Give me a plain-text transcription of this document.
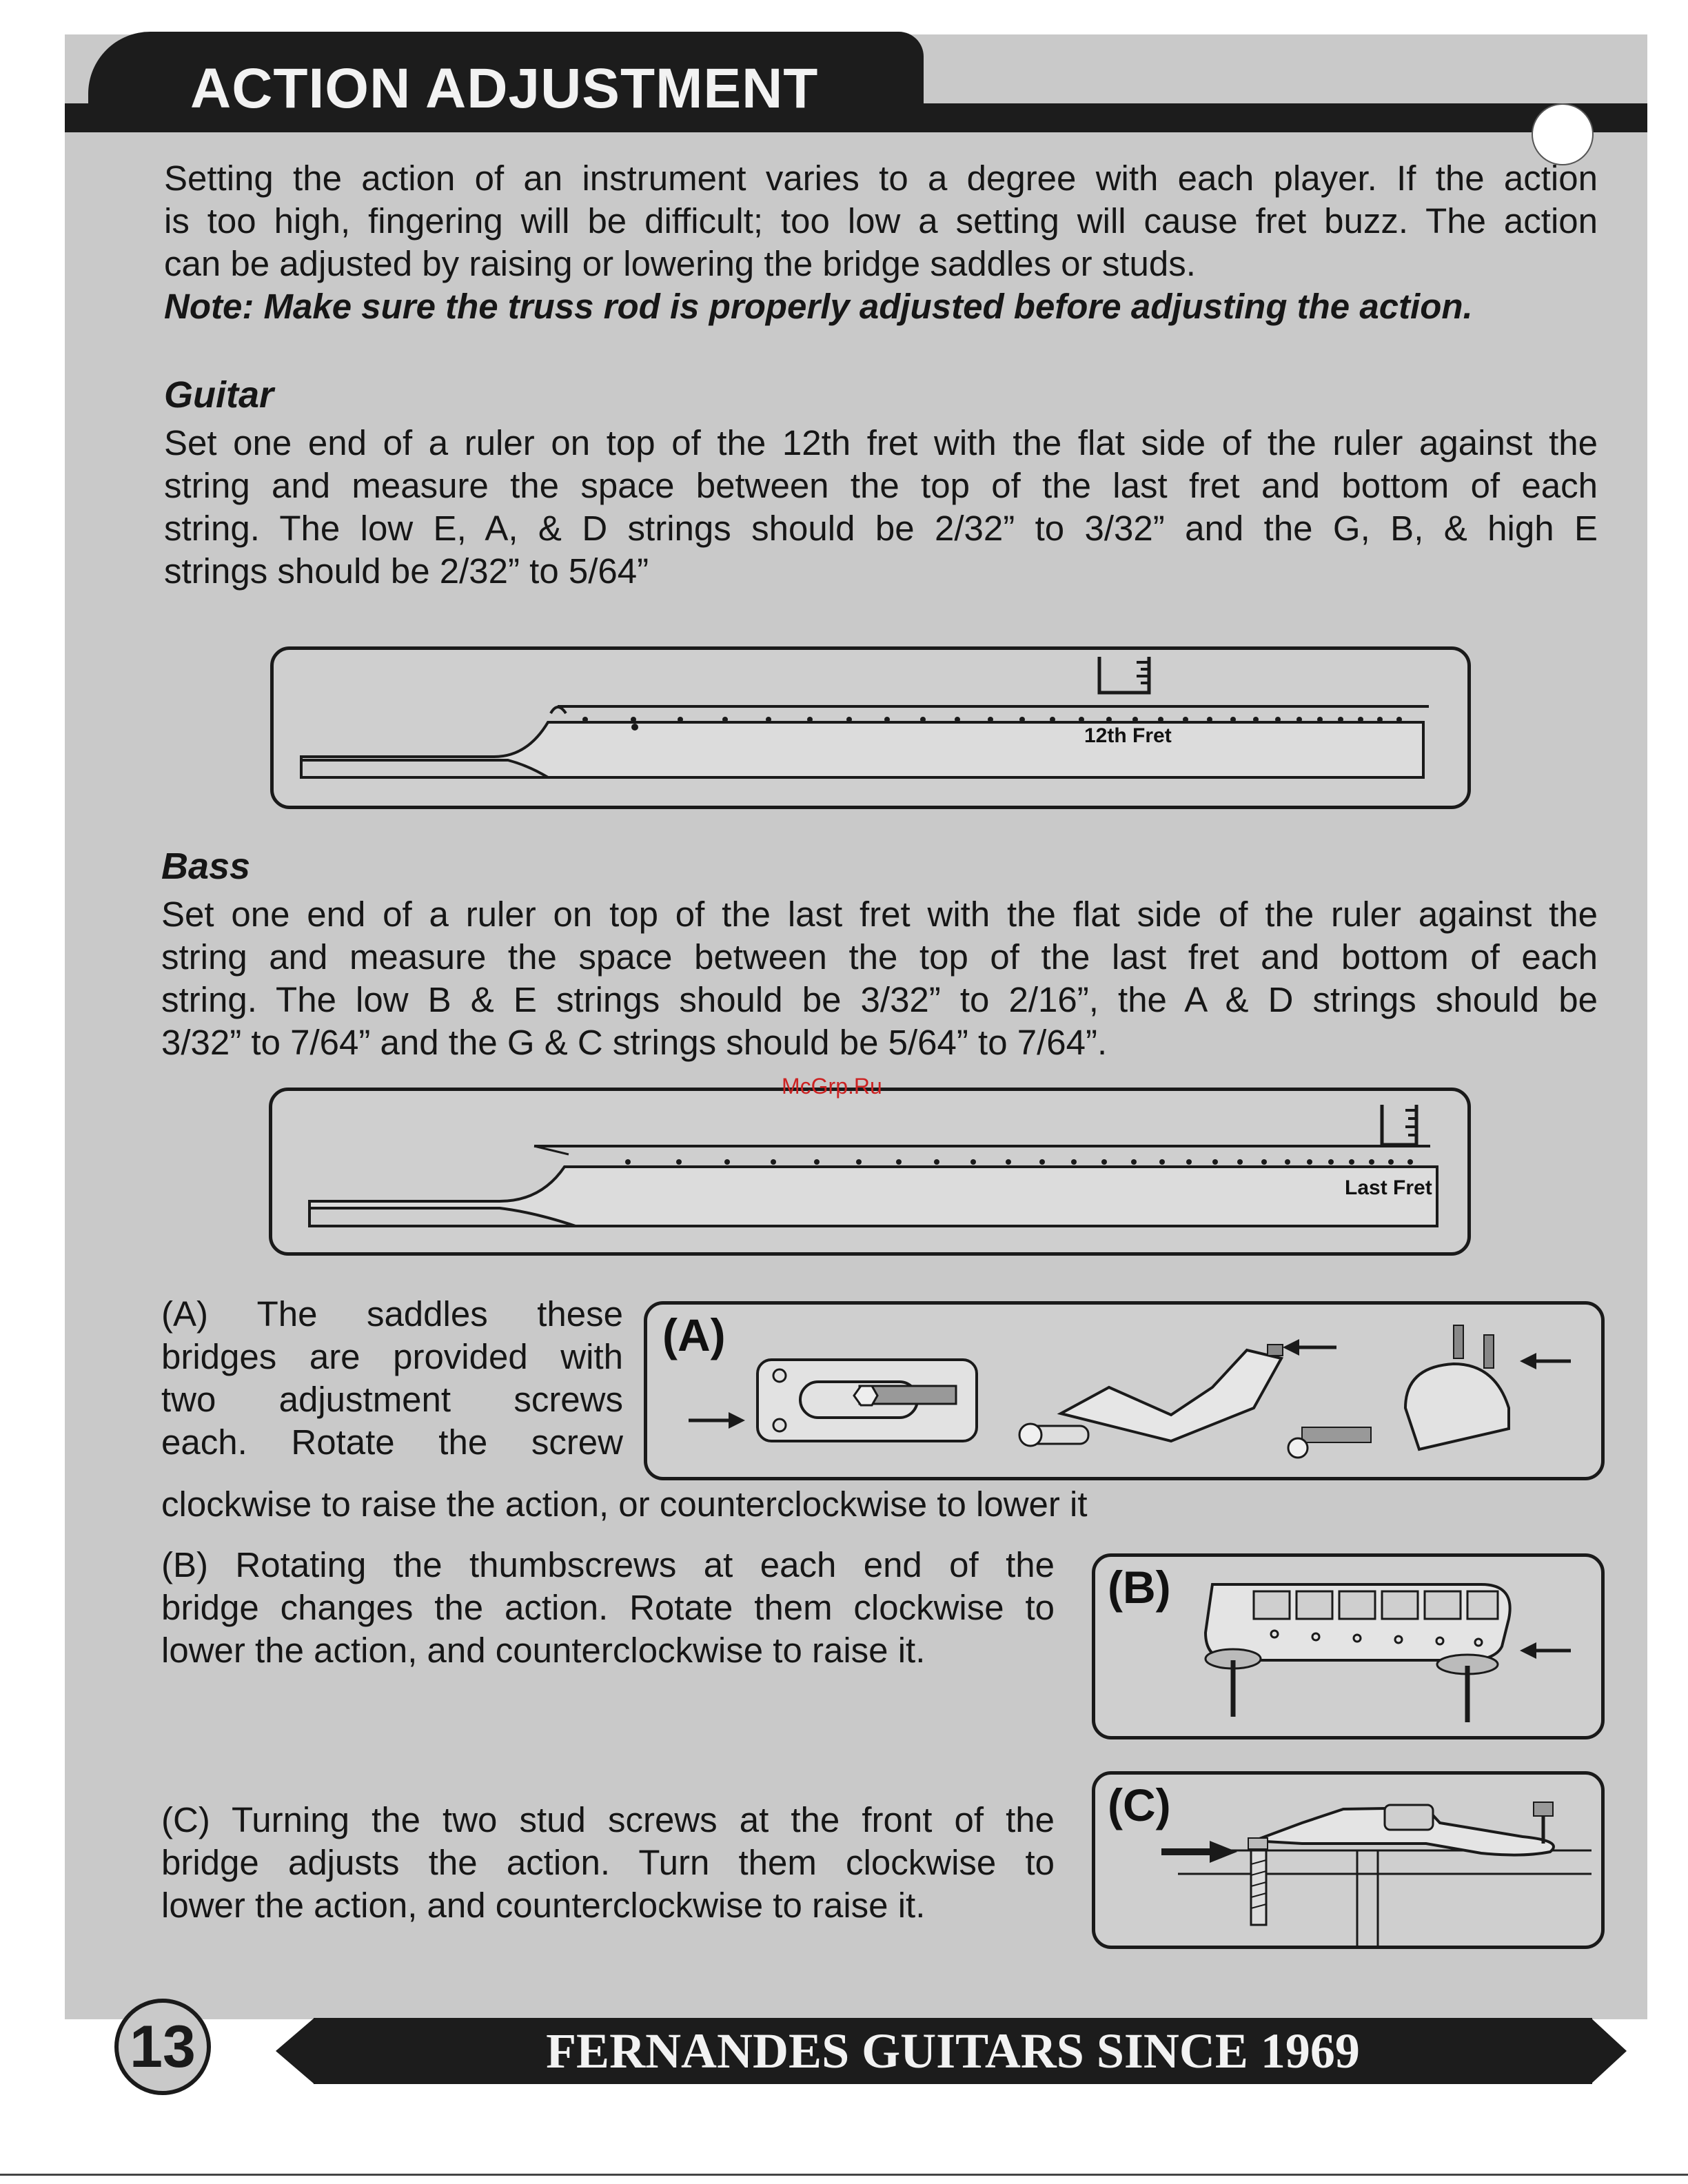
ACTION ADJUSTMENT
Setting the action of an instrument varies to a degree with each player. If the action
is too high, fingering will be difficult; too low a setting will cause fret buzz. The action
can be adjusted by raising or lowering the bridge saddles or studs.
Note: Make sure the truss rod is properly adjusted before adjusting the action.
Guitar
Set one end of a ruler on top of the 12th fret with the flat side of the ruler against the
string and measure the space between the top of the last fret and bottom of each
string. The low E, A, & D strings should be 2/32” to 3/32” and the G, B, & high E
strings should be 2/32” to 5/64”
12th Fret
Bass
Set one end of a ruler on top of the last fret with the flat side of the ruler against the
string and measure the space between the top of the last fret and bottom of each
string. The low B & E strings should be 3/32” to 2/16”, the A & D strings should be
3/32” to 7/64” and the G & C strings should be 5/64” to 7/64”.
Last Fret
McGrp.Ru
(A) The saddles these
bridges are provided with
two adjustment screws
each. Rotate the screw
clockwise to raise the action, or counterclockwise to lower it
(A)
(B) Rotating the thumbscrews at each end of the
bridge changes the action. Rotate them clockwise to
lower the action, and counterclockwise to raise it.
(B)
(C) Turning the two stud screws at the front of the
bridge adjusts the action. Turn them clockwise to
lower the action, and counterclockwise to raise it.
(C)
FERNANDES GUITARS SINCE 1969
13
